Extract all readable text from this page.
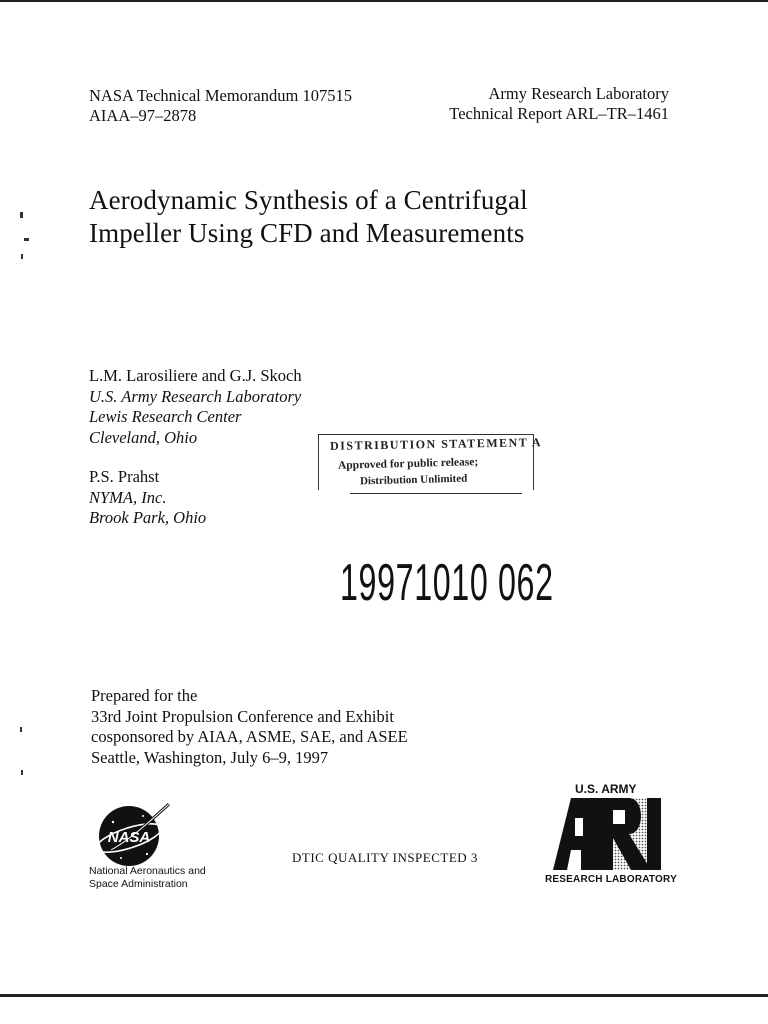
NASA Technical Memorandum 107515
AIAA–97–2878
Army Research Laboratory
Technical Report ARL–TR–1461
Aerodynamic Synthesis of a Centrifugal
Impeller Using CFD and Measurements
L.M. Larosiliere and G.J. Skoch
U.S. Army Research Laboratory
Lewis Research Center
Cleveland, Ohio
P.S. Prahst
NYMA, Inc.
Brook Park, Ohio
DISTRIBUTION STATEMENT A
Approved for public release;
Distribution Unlimited
19971010 062
Prepared for the
33rd Joint Propulsion Conference and Exhibit
cosponsored by AIAA, ASME, SAE, and ASEE
Seattle, Washington, July 6–9, 1997
NASA
National Aeronautics and
Space Administration
DTIC QUALITY INSPECTED 3
U.S. ARMY
RESEARCH LABORATORY
